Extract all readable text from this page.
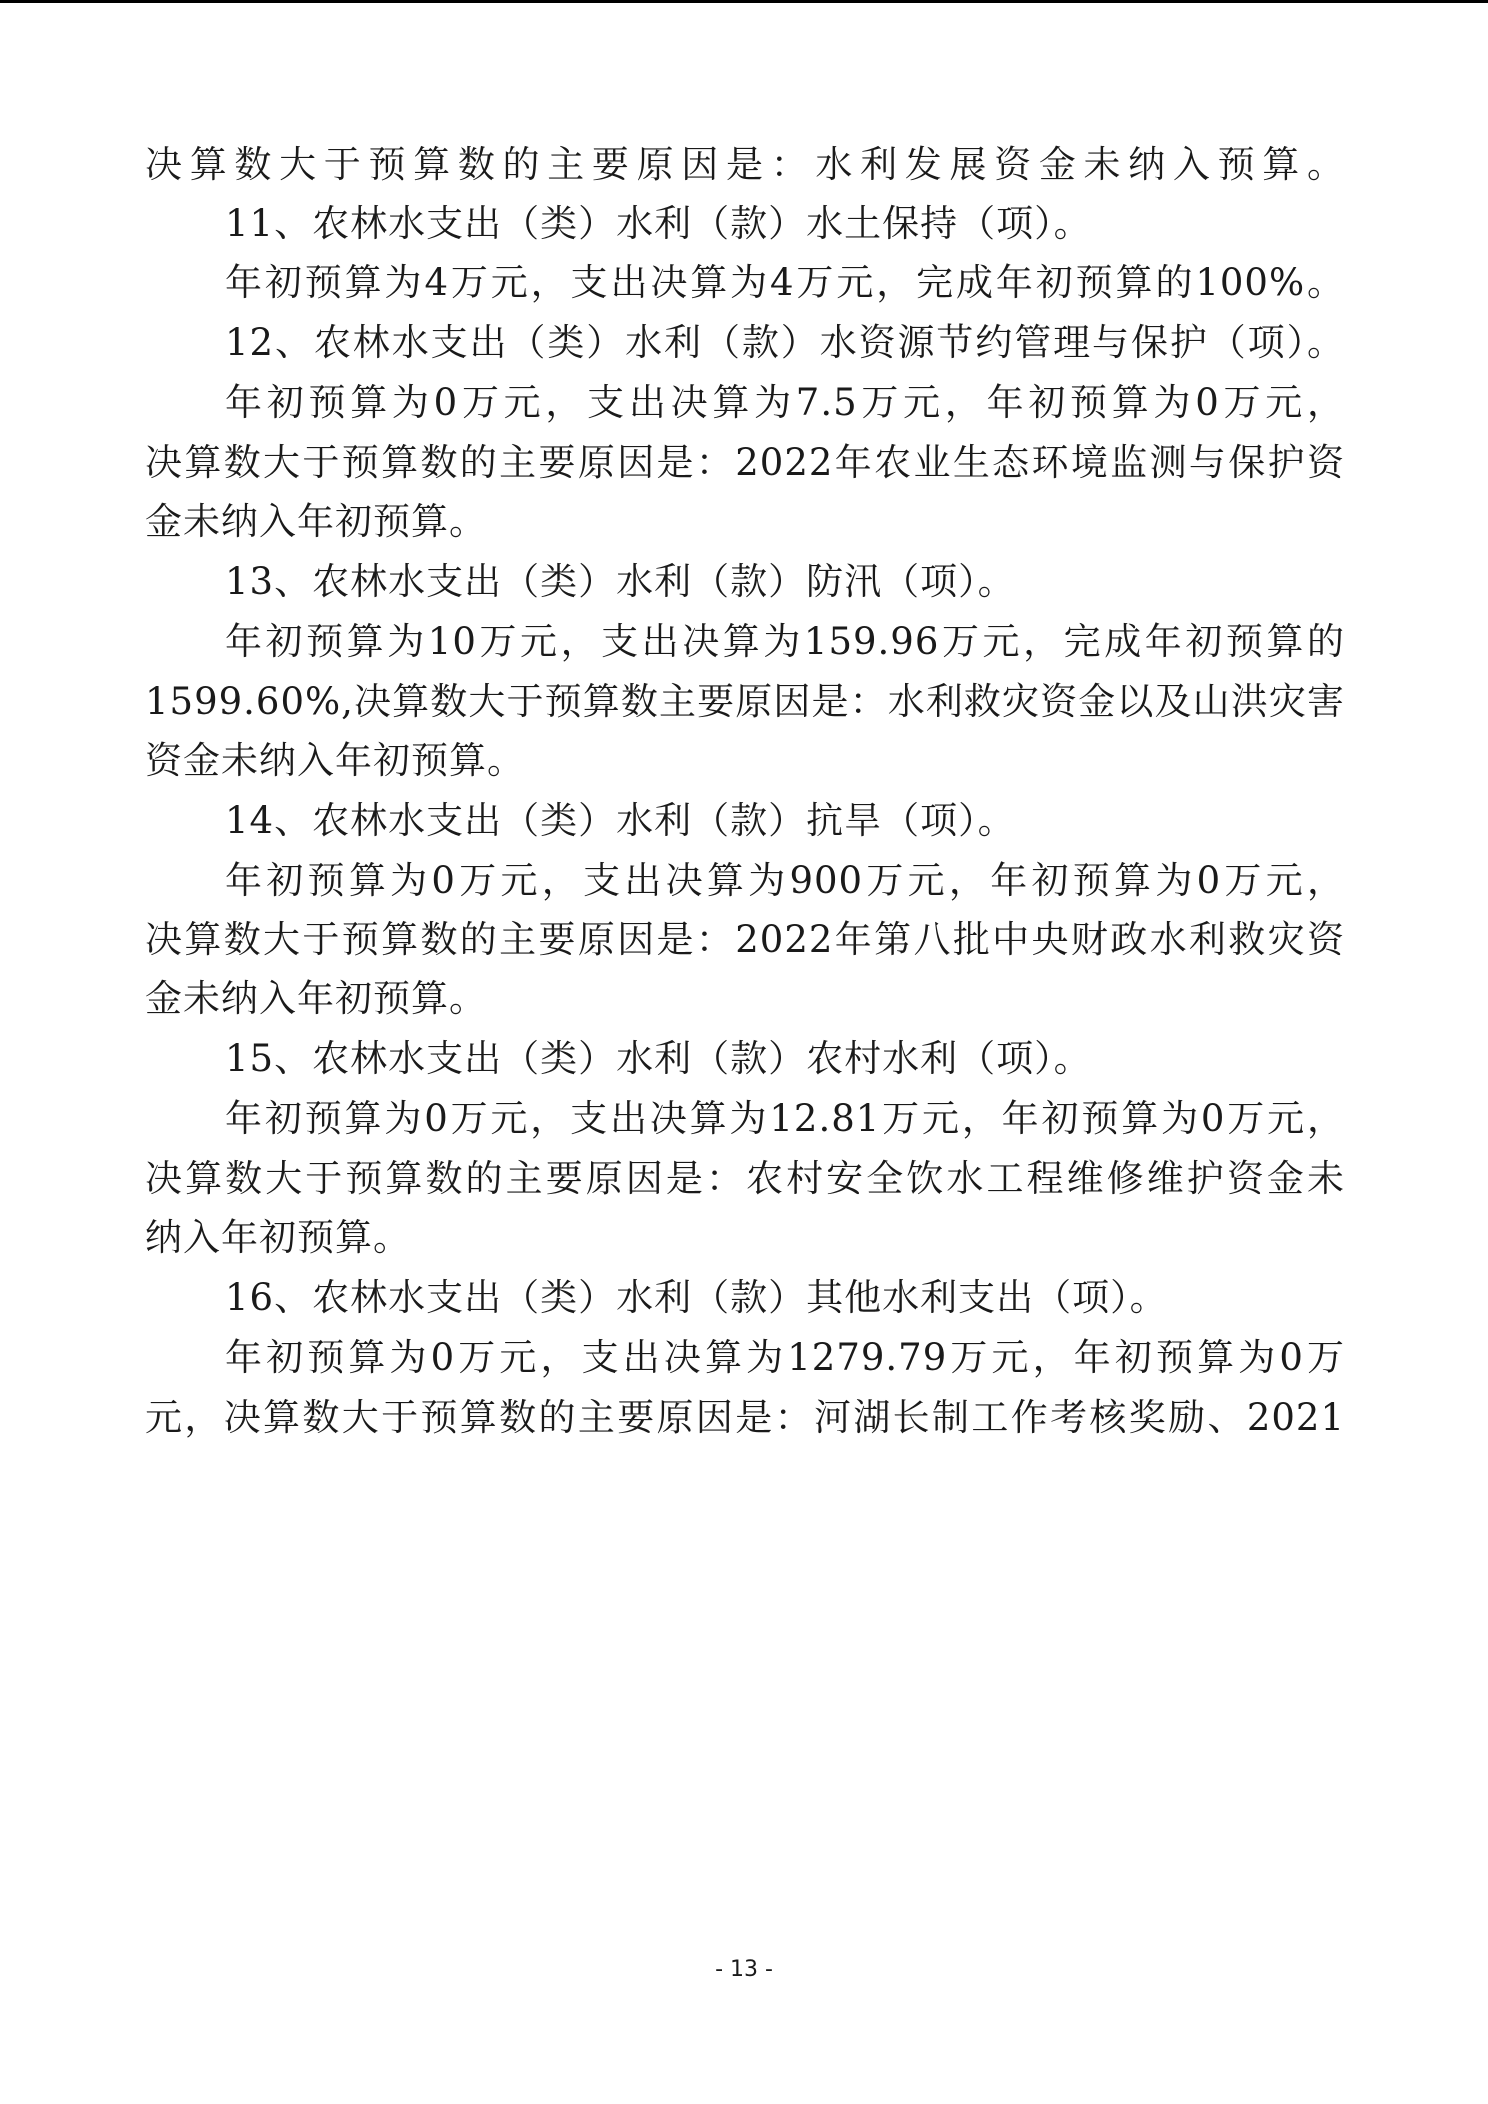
决算数大于预算数的主要原因是：水利发展资金未纳入预算。
11、农林水支出（类）水利（款）水土保持（项）。
年初预算为4万元，支出决算为4万元，完成年初预算的100%。
12、农林水支出（类）水利（款）水资源节约管理与保护（项）。
年初预算为0万元，支出决算为7.5万元，年初预算为0万元，
决算数大于预算数的主要原因是：2022年农业生态环境监测与保护资
金未纳入年初预算。
13、农林水支出（类）水利（款）防汛（项）。
年初预算为10万元，支出决算为159.96万元，完成年初预算的
1599.60%,决算数大于预算数主要原因是：水利救灾资金以及山洪灾害
资金未纳入年初预算。
14、农林水支出（类）水利（款）抗旱（项）。
年初预算为0万元，支出决算为900万元，年初预算为0万元，
决算数大于预算数的主要原因是：2022年第八批中央财政水利救灾资
金未纳入年初预算。
15、农林水支出（类）水利（款）农村水利（项）。
年初预算为0万元，支出决算为12.81万元，年初预算为0万元，
决算数大于预算数的主要原因是：农村安全饮水工程维修维护资金未
纳入年初预算。
16、农林水支出（类）水利（款）其他水利支出（项）。
年初预算为0万元，支出决算为1279.79万元，年初预算为0万
元，决算数大于预算数的主要原因是：河湖长制工作考核奖励、2021
- 13 -
